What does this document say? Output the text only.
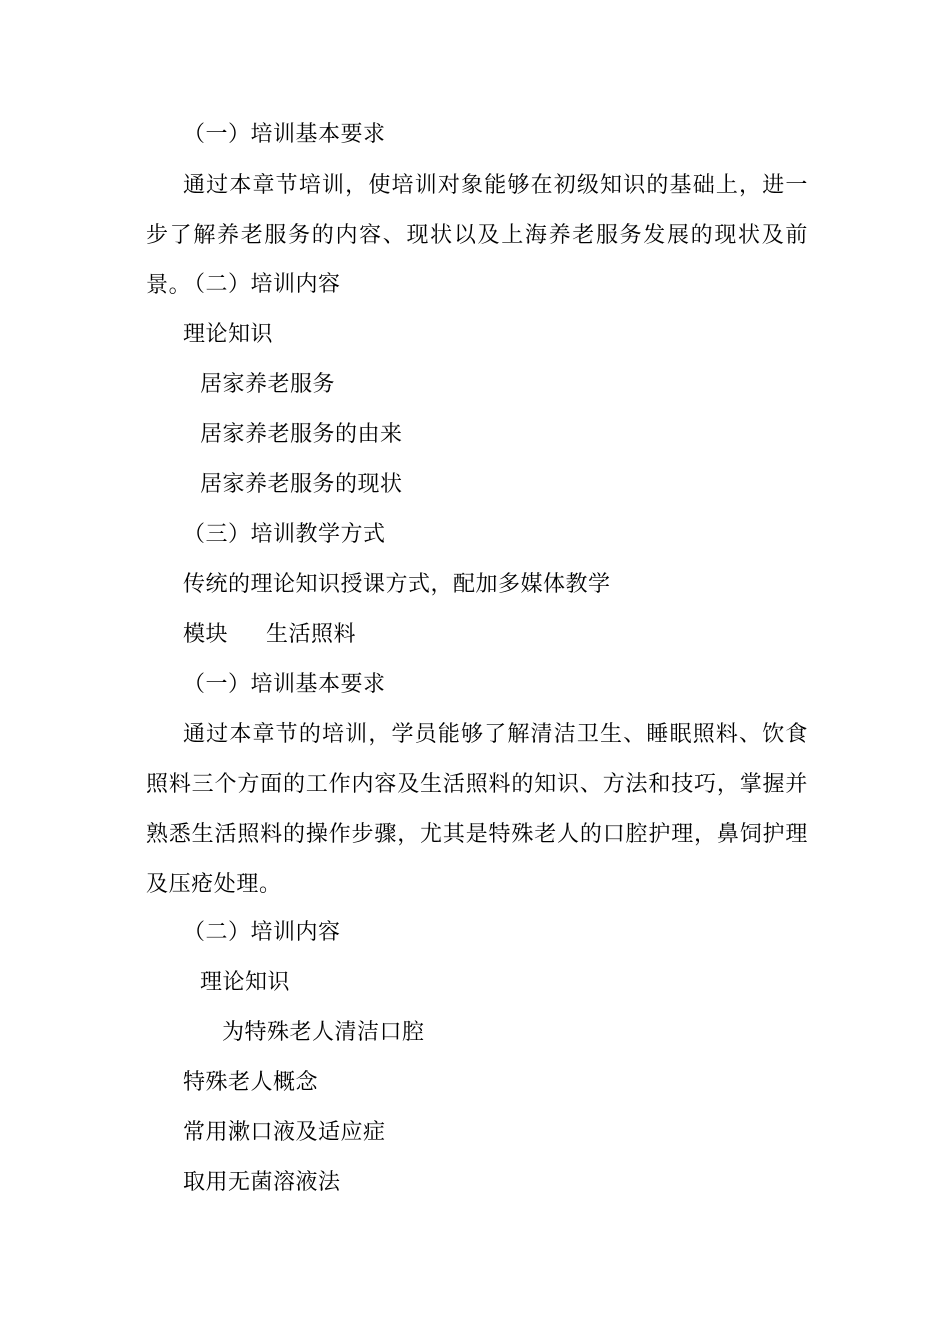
（一）培训基本要求
通过本章节培训，使培训对象能够在初级知识的基础上，进一步了解养老服务的内容、现状以及上海养老服务发展的现状及前景。
（二）培训内容
理论知识
居家养老服务
居家养老服务的由来
居家养老服务的现状
（三）培训教学方式
传统的理论知识授课方式，配加多媒体教学
模块 生活照料
（一）培训基本要求
通过本章节的培训，学员能够了解清洁卫生、睡眠照料、饮食照料三个方面的工作内容及生活照料的知识、方法和技巧，掌握并熟悉生活照料的操作步骤，尤其是特殊老人的口腔护理，鼻饲护理及压疮处理。
（二）培训内容
理论知识
为特殊老人清洁口腔
特殊老人概念
常用漱口液及适应症
取用无菌溶液法
